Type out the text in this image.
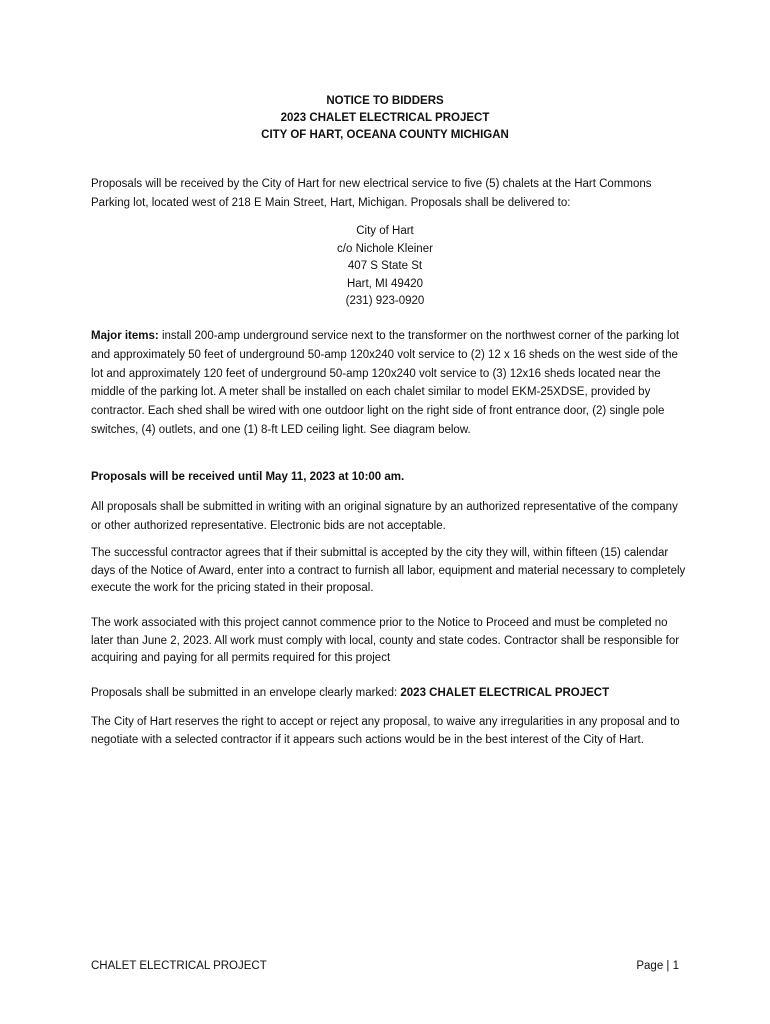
NOTICE TO BIDDERS
2023 CHALET ELECTRICAL PROJECT
CITY OF HART, OCEANA COUNTY MICHIGAN

Proposals will be received by the City of Hart for new electrical service to five (5) chalets at the Hart Commons Parking lot, located west of 218 E Main Street, Hart, Michigan. Proposals shall be delivered to:

City of Hart
c/o Nichole Kleiner
407 S State St
Hart, MI 49420
(231) 923-0920

Major items: install 200-amp underground service next to the transformer on the northwest corner of the parking lot and approximately 50 feet of underground 50-amp 120x240 volt service to (2) 12 x 16 sheds on the west side of the lot and approximately 120 feet of underground 50-amp 120x240 volt service to (3) 12x16 sheds located near the middle of the parking lot. A meter shall be installed on each chalet similar to model EKM-25XDSE, provided by contractor. Each shed shall be wired with one outdoor light on the right side of front entrance door, (2) single pole switches, (4) outlets, and one (1) 8-ft LED ceiling light. See diagram below.

Proposals will be received until May 11, 2023 at 10:00 am.

All proposals shall be submitted in writing with an original signature by an authorized representative of the company or other authorized representative. Electronic bids are not acceptable.

The successful contractor agrees that if their submittal is accepted by the city they will, within fifteen (15) calendar days of the Notice of Award, enter into a contract to furnish all labor, equipment and material necessary to completely execute the work for the pricing stated in their proposal.

The work associated with this project cannot commence prior to the Notice to Proceed and must be completed no later than June 2, 2023. All work must comply with local, county and state codes. Contractor shall be responsible for acquiring and paying for all permits required for this project

Proposals shall be submitted in an envelope clearly marked: 2023 CHALET ELECTRICAL PROJECT

The City of Hart reserves the right to accept or reject any proposal, to waive any irregularities in any proposal and to negotiate with a selected contractor if it appears such actions would be in the best interest of the City of Hart.

CHALET ELECTRICAL PROJECT	Page | 1
